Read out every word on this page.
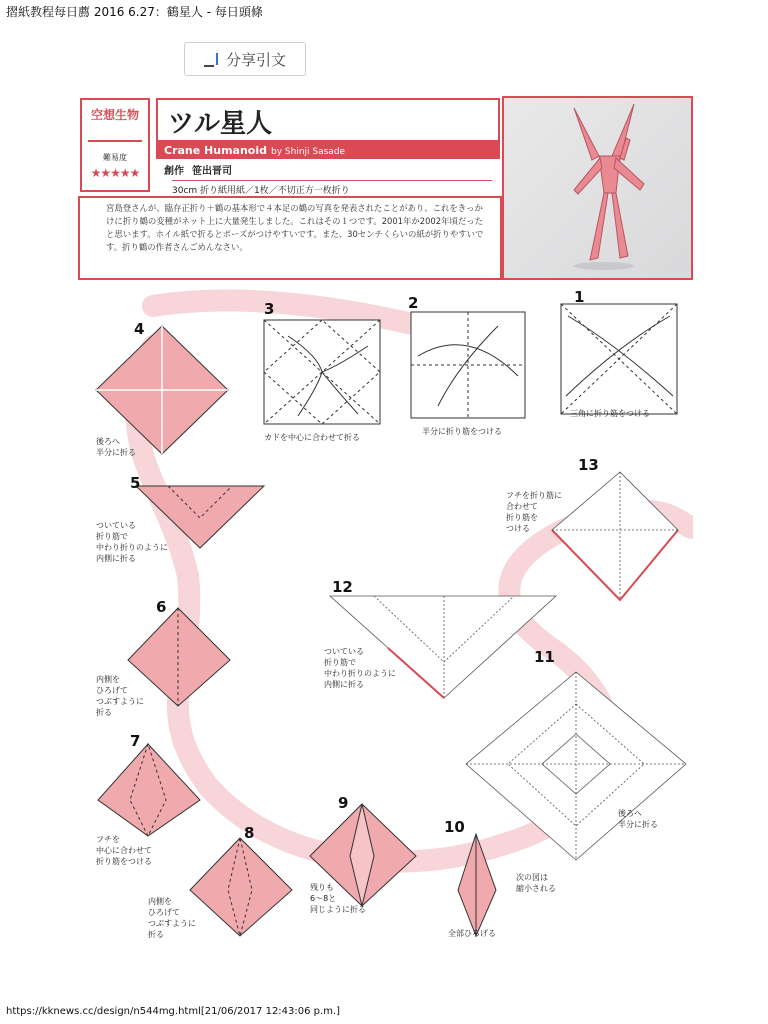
摺紙教程每日薦 2016 6.27：鶴星人 - 每日頭條
分享引文
空想生物
難易度
★★★★★
ツル星人
Crane Humanoid by Shinji Sasade
創作 笹出晋司
30cm 折り紙用紙／1枚／不切正方一枚折り
宮島登さんが、臨存正折り＋鶴の基本形で４本足の鶴の写真を発表されたことがあり、これをきっかけに折り鶴の変種がネット上に大量発生しました。これはその１つです。2001年か2002年頃だったと思います。ホイル紙で折るとポーズがつけやすいです。また、30センチくらいの紙が折りやすいです。折り鶴の作者さんごめんなさい。
1
三角に折り筋をつける
2
半分に折り筋をつける
3
カドを中心に合わせて折る
4
後ろへ
半分に折る
5
ついている
折り筋で
中わり折りのように
内側に折る
6
内側を
ひろげて
つぶすように
折る
7
フチを
中心に合わせて
折り筋をつける
8
内側を
ひろげて
つぶすように
折る
9
残りも
6〜8と
同じように折る
10
全部ひろげる
次の図は
縮小される
11
後ろへ
半分に折る
12
ついている
折り筋で
中わり折りのように
内側に折る
13
フチを折り筋に
合わせて
折り筋を
つける
https://kknews.cc/design/n544mg.html[21/06/2017 12:43:06 p.m.]
